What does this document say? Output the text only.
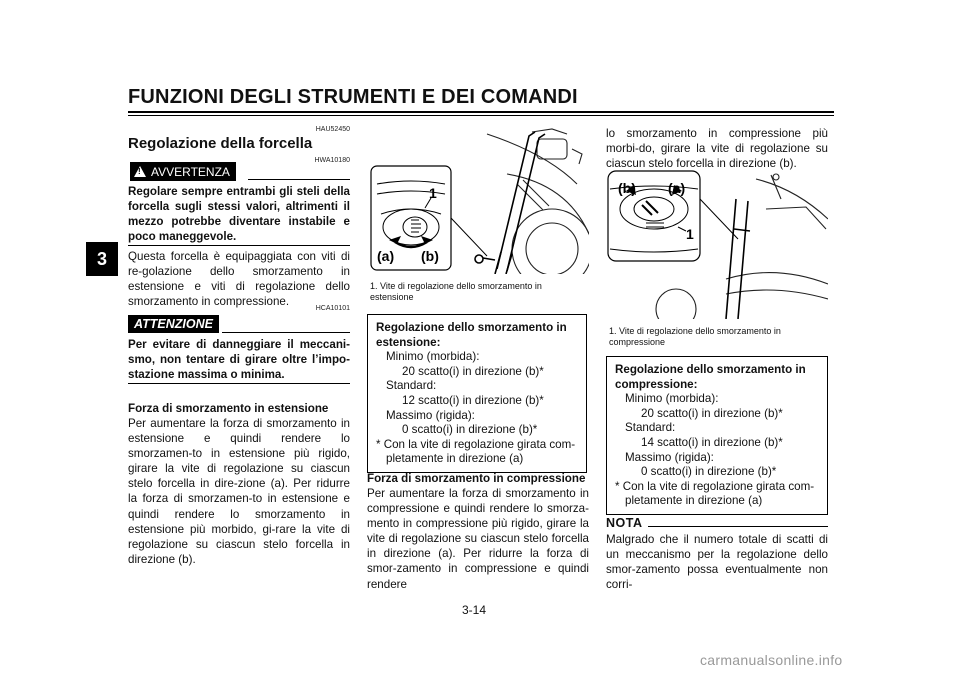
FUNZIONI DEGLI STRUMENTI E DEI COMANDI
3
HAU52450
Regolazione della forcella
HWA10180
!
AVVERTENZA
Regolare sempre entrambi gli steli della forcella sugli stessi valori, altrimenti il mezzo potrebbe diventare instabile e poco maneggevole.
Questa forcella è equipaggiata con viti di re-golazione dello smorzamento in estensione e viti di regolazione dello smorzamento in compressione.
HCA10101
ATTENZIONE
Per evitare di danneggiare il meccani-smo, non tentare di girare oltre l’impo-stazione massima o minima.
Forza di smorzamento in estensione
Per aumentare la forza di smorzamento in estensione e quindi rendere lo smorzamen-to in estensione più rigido, girare la vite di regolazione su ciascun stelo forcella in dire-zione (a). Per ridurre la forza di smorzamen-to in estensione e quindi rendere lo smorzamento in estensione più morbido, gi-rare la vite di regolazione su ciascun stelo forcella in direzione (b).
1
(a) (b)
1. Vite di regolazione dello smorzamento in estensione
Regolazione dello smorzamento in estensione:
Minimo (morbida):
20 scatto(i) in direzione (b)*
Standard:
12 scatto(i) in direzione (b)*
Massimo (rigida):
0 scatto(i) in direzione (b)*
* Con la vite di regolazione girata com-pletamente in direzione (a)
Forza di smorzamento in compressione
Per aumentare la forza di smorzamento in compressione e quindi rendere lo smorza-mento in compressione più rigido, girare la vite di regolazione su ciascun stelo forcella in direzione (a). Per ridurre la forza di smor-zamento in compressione e quindi rendere
lo smorzamento in compressione più morbi-do, girare la vite di regolazione su ciascun stelo forcella in direzione (b).
(b) (a)
1
1. Vite di regolazione dello smorzamento in compressione
Regolazione dello smorzamento in compressione:
Minimo (morbida):
20 scatto(i) in direzione (b)*
Standard:
14 scatto(i) in direzione (b)*
Massimo (rigida):
0 scatto(i) in direzione (b)*
* Con la vite di regolazione girata com-pletamente in direzione (a)
NOTA
Malgrado che il numero totale di scatti di un meccanismo per la regolazione dello smor-zamento possa eventualmente non corri-
3-14
carmanualsonline.info
